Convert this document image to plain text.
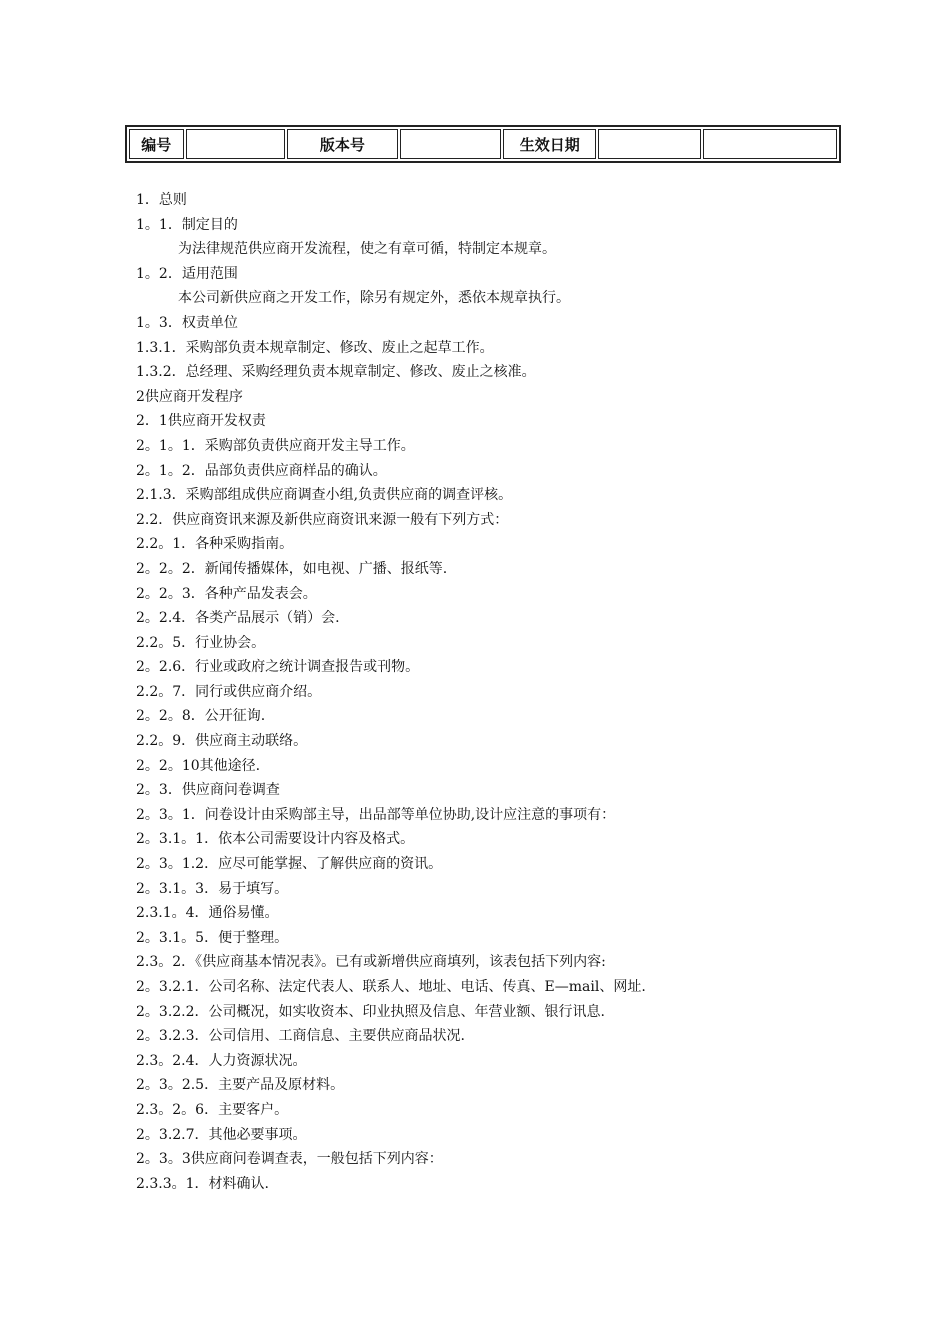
编号		版本号		生效日期		
1．总则
1。1．制定目的
为法律规范供应商开发流程，使之有章可循，特制定本规章。
1。2．适用范围
本公司新供应商之开发工作，除另有规定外，悉依本规章执行。
1。3．权责单位
1.3.1．采购部负责本规章制定、修改、废止之起草工作。
1.3.2．总经理、采购经理负责本规章制定、修改、废止之核准。
2供应商开发程序
2．1供应商开发权责
2。1。1．采购部负责供应商开发主导工作。
2。1。2．品部负责供应商样品的确认。
2.1.3．采购部组成供应商调查小组,负责供应商的调查评核。
2.2．供应商资讯来源及新供应商资讯来源一般有下列方式：
2.2。1．各种采购指南。
2。2。2．新闻传播媒体，如电视、广播、报纸等.
2。2。3．各种产品发表会。
2。2.4．各类产品展示（销）会.
2.2。5．行业协会。
2。2.6．行业或政府之统计调查报告或刊物。
2.2。7．同行或供应商介绍。
2。2。8．公开征询.
2.2。9．供应商主动联络。
2。2。10其他途径.
2。3．供应商问卷调查
2。3。1．问卷设计由采购部主导，出品部等单位协助,设计应注意的事项有：
2。3.1。1．依本公司需要设计内容及格式。
2。3。1.2．应尽可能掌握、了解供应商的资讯。
2。3.1。3．易于填写。
2.3.1。4．通俗易懂。
2。3.1。5．便于整理。
2.3。2．《供应商基本情况表》。已有或新增供应商填列，该表包括下列内容:
2。3.2.1．公司名称、法定代表人、联系人、地址、电话、传真、E—mail、网址.
2。3.2.2．公司概况，如实收资本、印业执照及信息、年营业额、银行讯息.
2。3.2.3．公司信用、工商信息、主要供应商品状况.
2.3。2.4．人力资源状况。
2。3。2.5．主要产品及原材料。
2.3。2。6．主要客户。
2。3.2.7．其他必要事项。
2。3。3供应商问卷调查表，一般包括下列内容：
2.3.3。1．材料确认.
